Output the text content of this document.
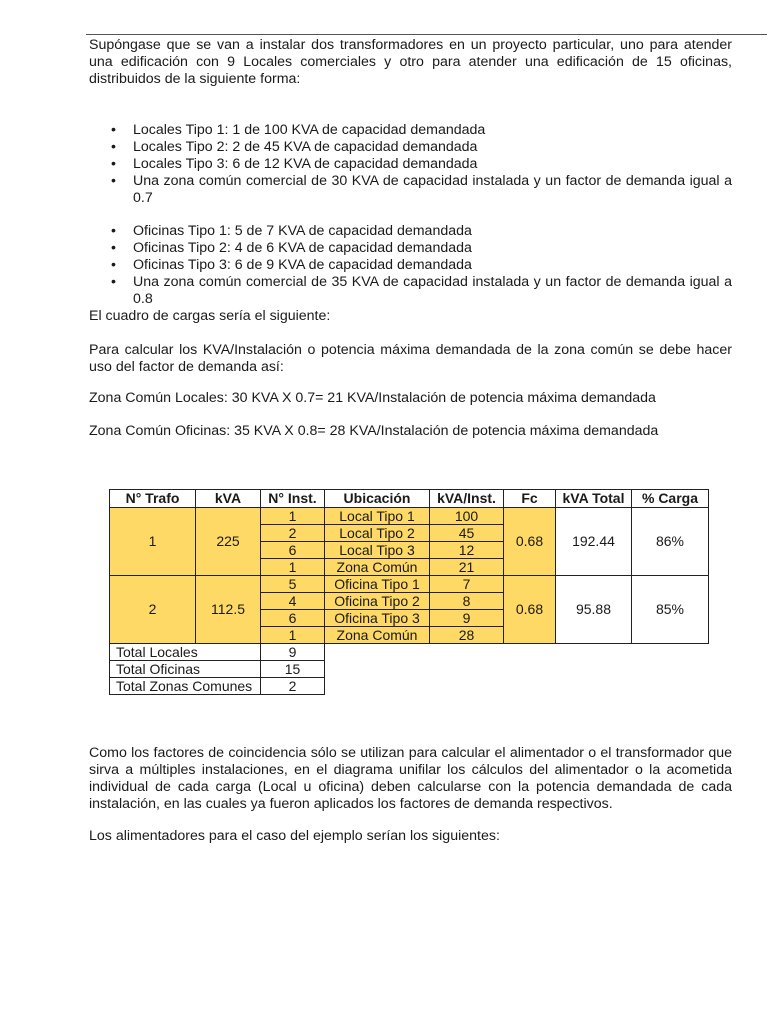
Supóngase que se van a instalar dos transformadores en un proyecto particular, uno para atender una edificación con 9 Locales comerciales y otro para atender una edificación de 15 oficinas, distribuidos de la siguiente forma:

• Locales Tipo 1: 1 de 100 KVA de capacidad demandada
• Locales Tipo 2: 2 de 45 KVA de capacidad demandada
• Locales Tipo 3: 6 de 12 KVA de capacidad demandada
• Una zona común comercial de 30 KVA de capacidad instalada y un factor de demanda igual a 0.7
• Oficinas Tipo 1: 5 de 7 KVA de capacidad demandada
• Oficinas Tipo 2: 4 de 6 KVA de capacidad demandada
• Oficinas Tipo 3: 6 de 9 KVA de capacidad demandada
• Una zona común comercial de 35 KVA de capacidad instalada y un factor de demanda igual a 0.8

El cuadro de cargas sería el siguiente:

Para calcular los KVA/Instalación o potencia máxima demandada de la zona común se debe hacer uso del factor de demanda así:

Zona Común Locales: 30 KVA X 0.7= 21 KVA/Instalación de potencia máxima demandada

Zona Común Oficinas: 35 KVA X 0.8= 28 KVA/Instalación de potencia máxima demandada

N° Trafo	kVA	N° Inst.	Ubicación	kVA/Inst.	Fc	kVA Total	% Carga
1	225	1	Local Tipo 1	100	0.68	192.44	86%
		2	Local Tipo 2	45			
		6	Local Tipo 3	12			
		1	Zona Común	21			
2	112.5	5	Oficina Tipo 1	7	0.68	95.88	85%
		4	Oficina Tipo 2	8			
		6	Oficina Tipo 3	9			
		1	Zona Común	28			
Total Locales		9					
Total Oficinas		15					
Total Zonas Comunes		2					

Como los factores de coincidencia sólo se utilizan para calcular el alimentador o el transformador que sirva a múltiples instalaciones, en el diagrama unifilar los cálculos del alimentador o la acometida individual de cada carga (Local u oficina) deben calcularse con la potencia demandada de cada instalación, en las cuales ya fueron aplicados los factores de demanda respectivos.

Los alimentadores para el caso del ejemplo serían los siguientes:
